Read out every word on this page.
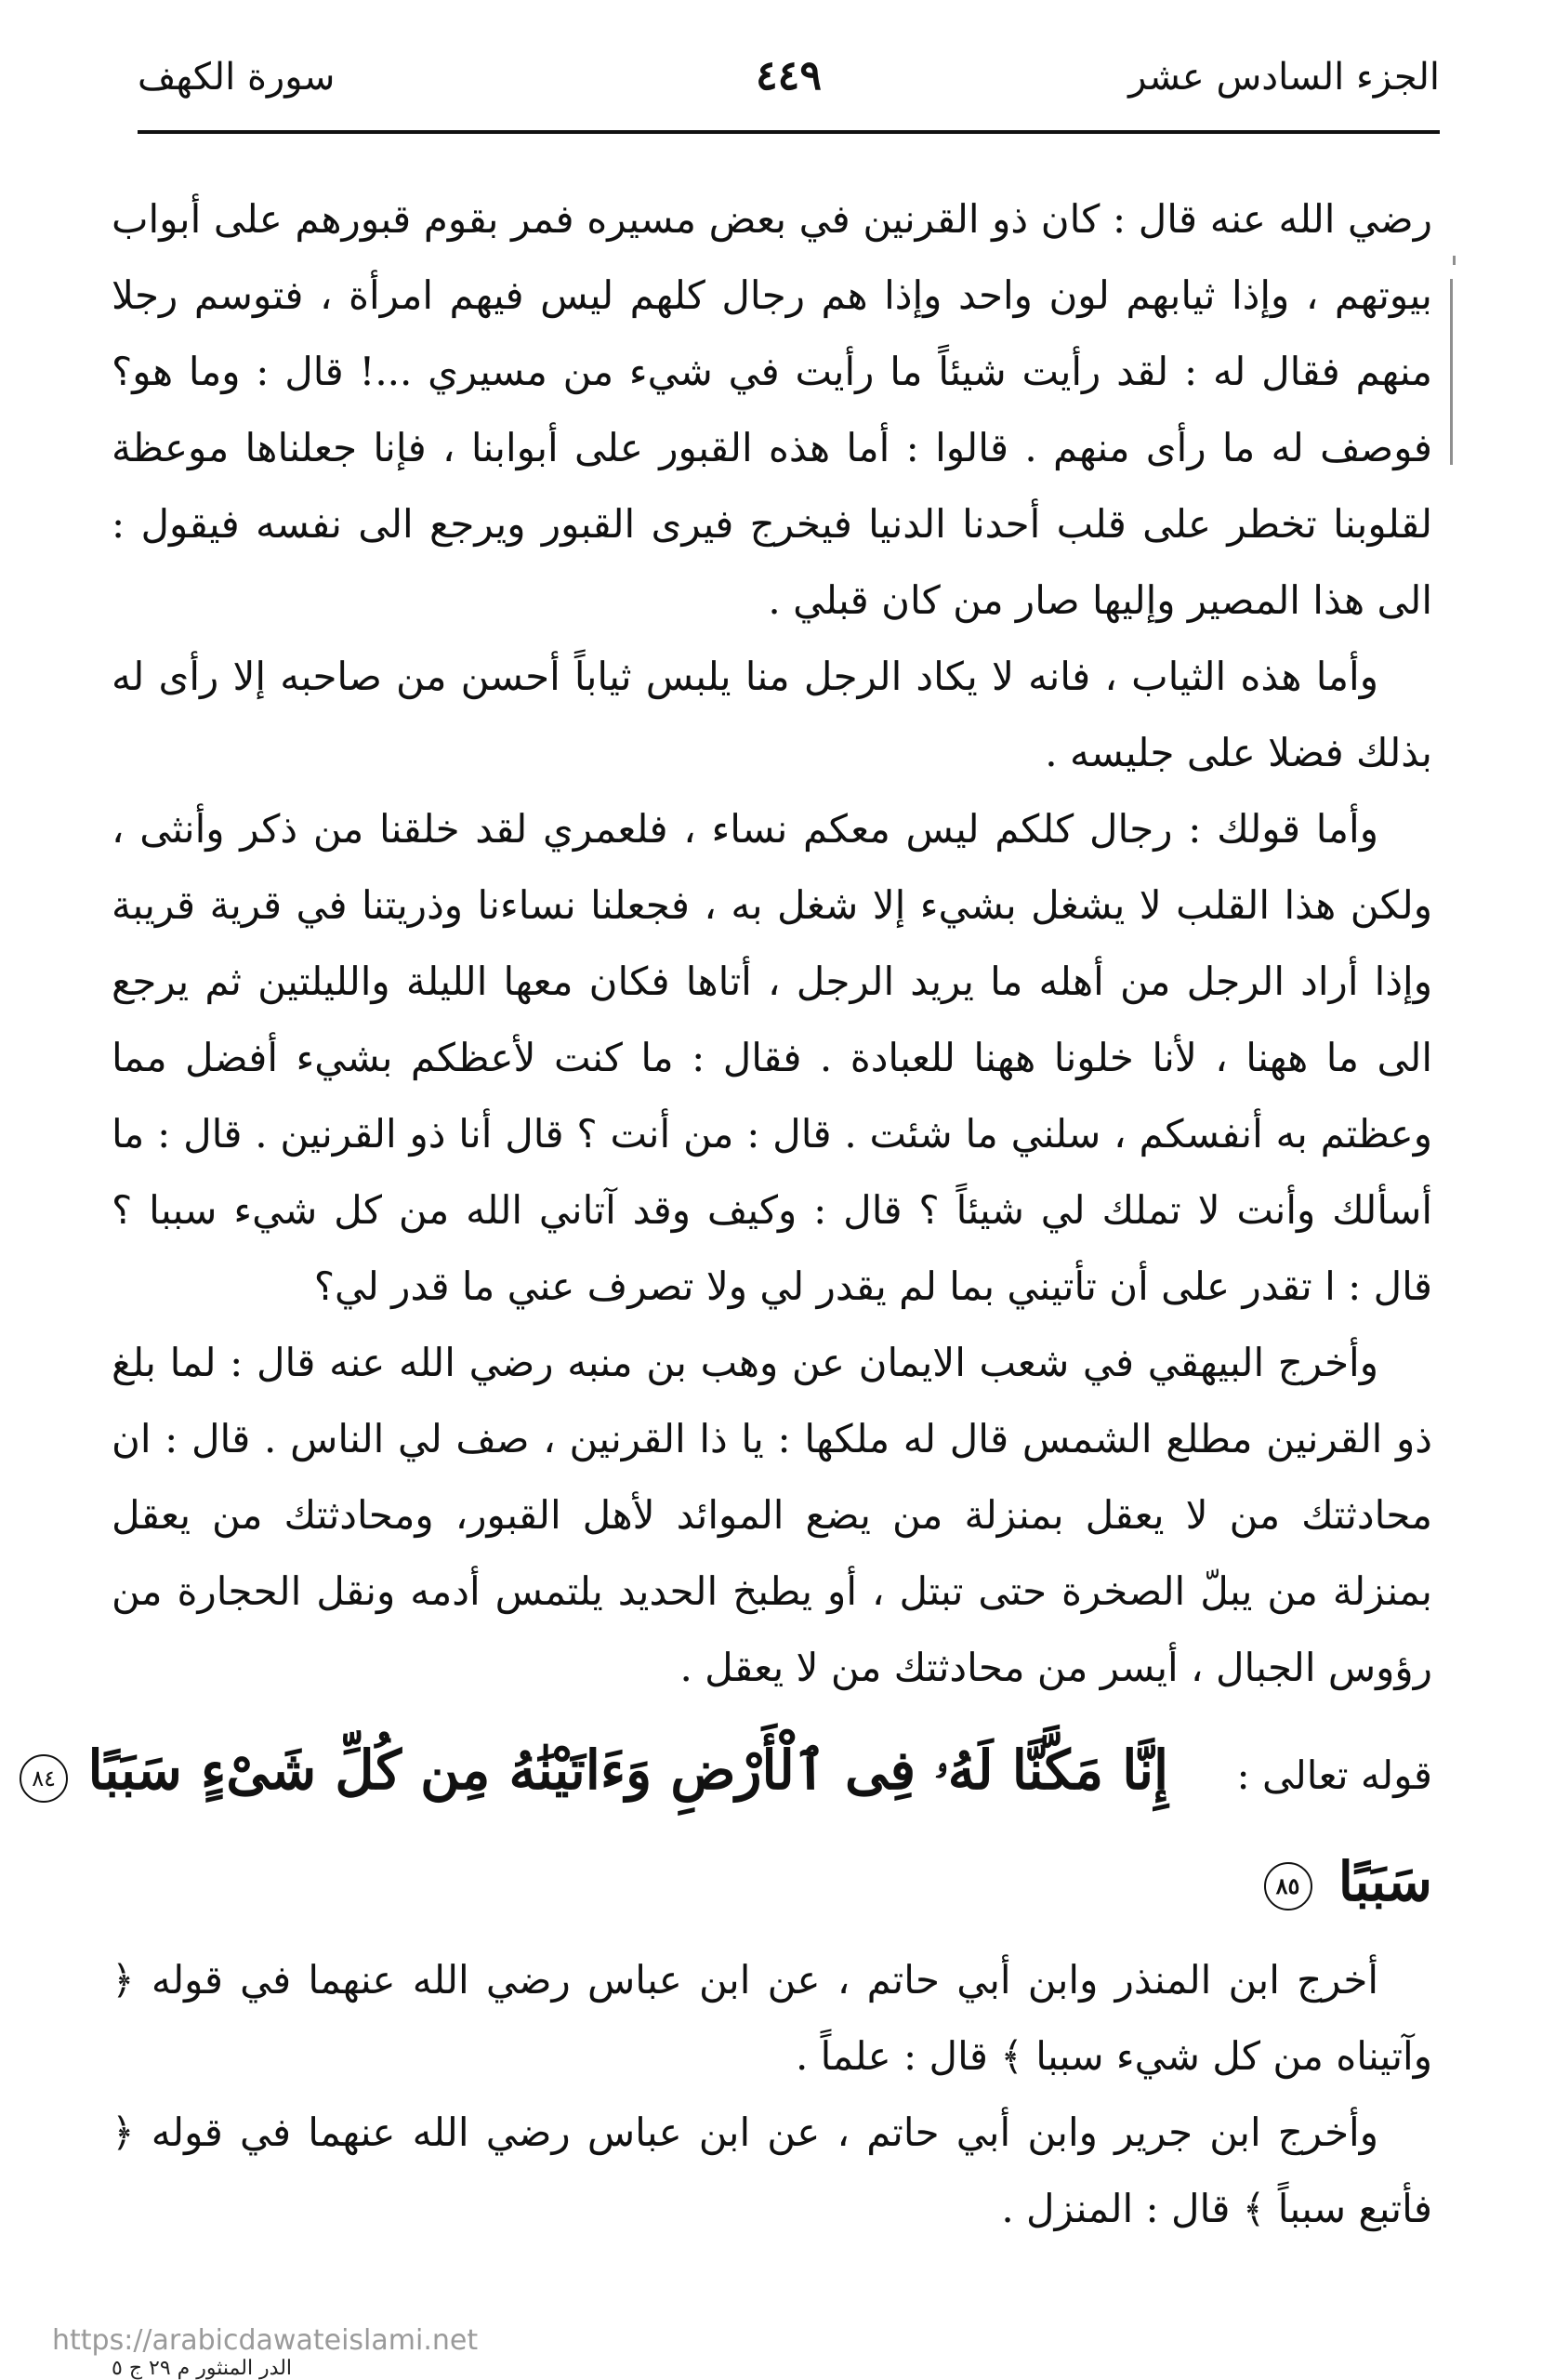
الجزء السادس عشر
٤٤٩
سورة الكهف

رضي الله عنه قال : كان ذو القرنين في بعض مسيره فمر بقوم قبورهم على أبواب بيوتهم ، وإذا ثيابهم لون واحد وإذا هم رجال كلهم ليس فيهم امرأة ، فتوسم رجلا منهم فقال له : لقد رأيت شيئاً ما رأيت في شيء من مسيري ...! قال : وما هو؟ فوصف له ما رأى منهم . قالوا : أما هذه القبور على أبوابنا ، فإنا جعلناها موعظة لقلوبنا تخطر على قلب أحدنا الدنيا فيخرج فيرى القبور ويرجع الى نفسه فيقول : الى هذا المصير وإليها صار من كان قبلي .

وأما هذه الثياب ، فانه لا يكاد الرجل منا يلبس ثياباً أحسن من صاحبه إلا رأى له بذلك فضلا على جليسه .

وأما قولك : رجال كلكم ليس معكم نساء ، فلعمري لقد خلقنا من ذكر وأنثى ، ولكن هذا القلب لا يشغل بشيء إلا شغل به ، فجعلنا نساءنا وذريتنا في قرية قريبة وإذا أراد الرجل من أهله ما يريد الرجل ، أتاها فكان معها الليلة والليلتين ثم يرجع الى ما ههنا ، لأنا خلونا ههنا للعبادة . فقال : ما كنت لأعظكم بشيء أفضل مما وعظتم به أنفسكم ، سلني ما شئت . قال : من أنت ؟ قال أنا ذو القرنين . قال : ما أسألك وأنت لا تملك لي شيئاً ؟ قال : وكيف وقد آتاني الله من كل شيء سببا ؟ قال : ا تقدر على أن تأتيني بما لم يقدر لي ولا تصرف عني ما قدر لي؟

وأخرج البيهقي في شعب الايمان عن وهب بن منبه رضي الله عنه قال : لما بلغ ذو القرنين مطلع الشمس قال له ملكها : يا ذا القرنين ، صف لي الناس . قال : ان محادثتك من لا يعقل بمنزلة من يضع الموائد لأهل القبور، ومحادثتك من يعقل بمنزلة من يبلّ الصخرة حتى تبتل ، أو يطبخ الحديد يلتمس أدمه ونقل الحجارة من رؤوس الجبال ، أيسر من محادثتك من لا يعقل .

قوله تعالى : إِنَّا مَكَّنَّا لَهُۥ فِى ٱلْأَرْضِ وَءَاتَيْنَٰهُ مِن كُلِّ شَىْءٍ سَبَبًا ٨٤
سَبَبًا ٨٥

أخرج ابن المنذر وابن أبي حاتم ، عن ابن عباس رضي الله عنهما في قوله ﴿ وآتيناه من كل شيء سببا ﴾ قال : علماً .

وأخرج ابن جرير وابن أبي حاتم ، عن ابن عباس رضي الله عنهما في قوله ﴿ فأتبع سبباً ﴾ قال : المنزل .

https://arabicdawateislami.net
الدر المنثور م ٢٩ ج ٥
